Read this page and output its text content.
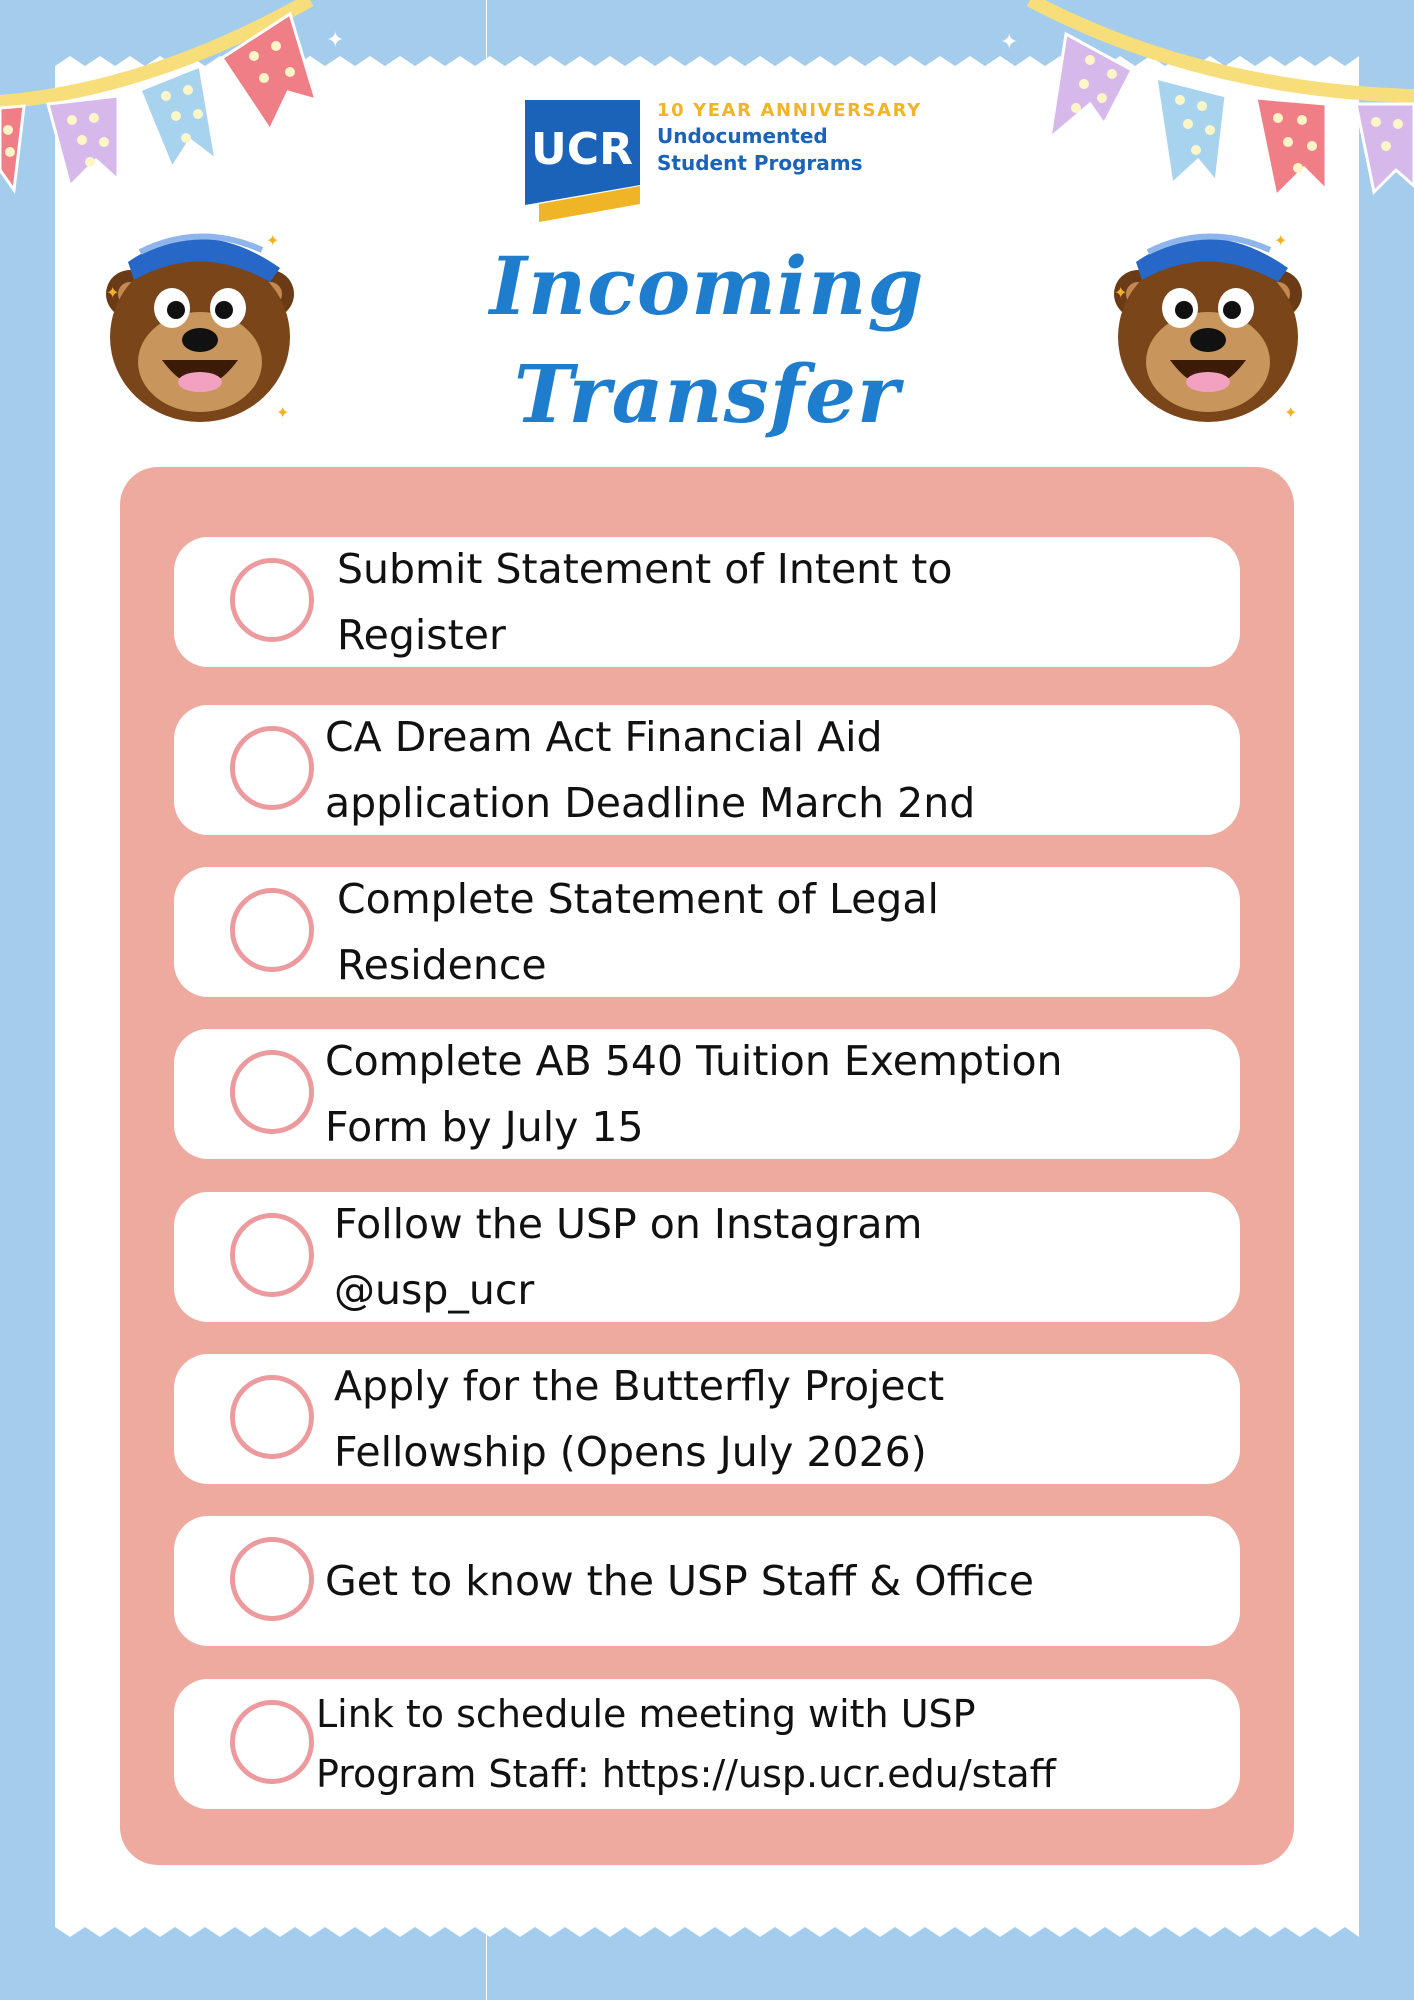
✦	✦
UCR
10 YEAR ANNIVERSARY
Undocumented
Student Programs
✦
✦
✦
✦
✦
✦
Incoming Transfer

Submit Statement of Intent to
Register
CA Dream Act Financial Aid
application Deadline March 2nd
Complete Statement of Legal
Residence
Complete AB 540 Tuition Exemption
Form by July 15
Follow the USP on Instagram
@usp_ucr
Apply for the Butterfly Project
Fellowship (Opens July 2026)
Get to know the USP Staff & Office
Link to schedule meeting with USP
Program Staff: https://usp.ucr.edu/staff
